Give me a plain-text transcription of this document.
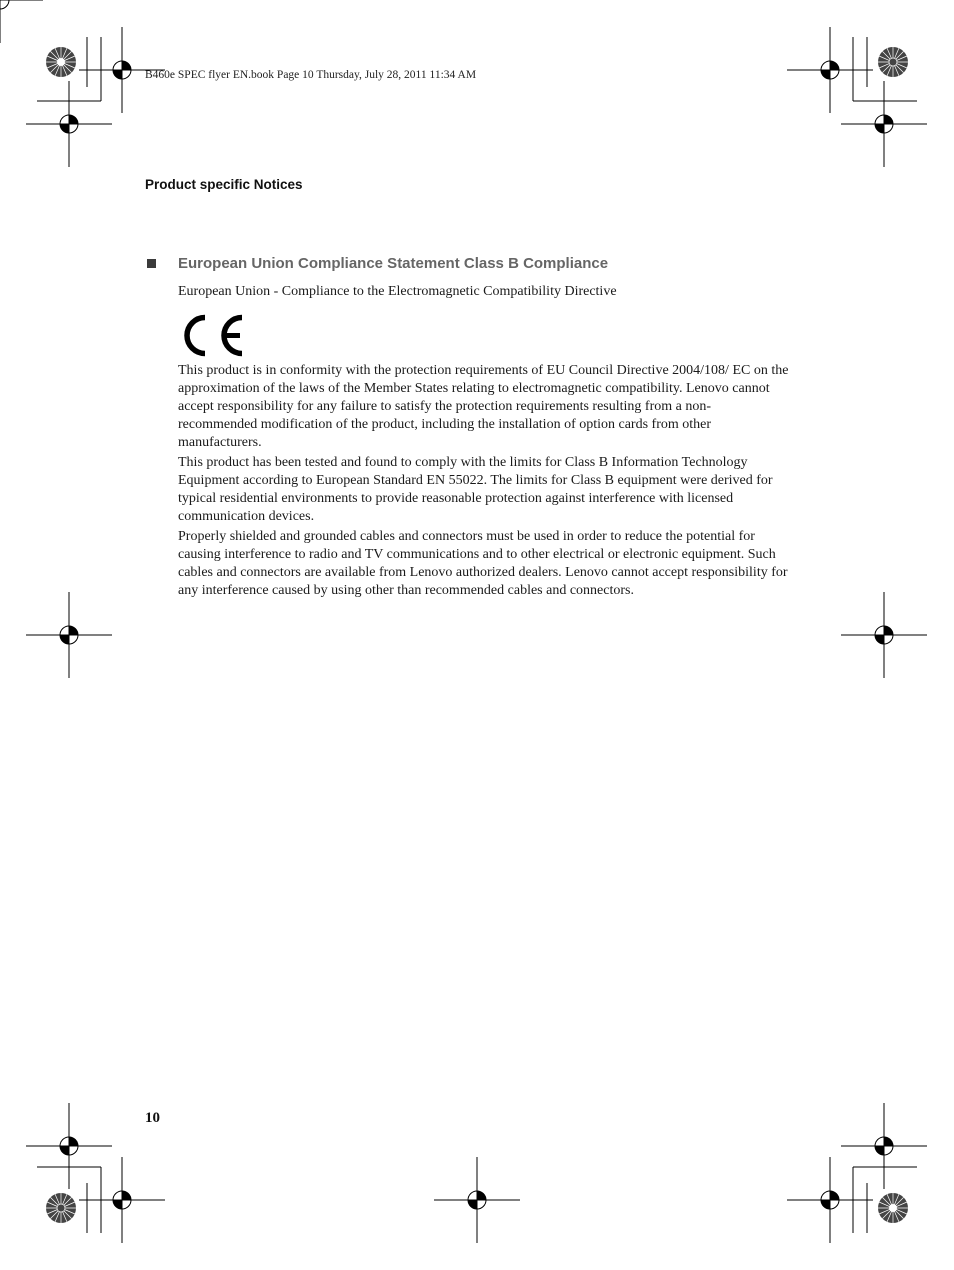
B460e SPEC flyer EN.book Page 10 Thursday, July 28, 2011 11:34 AM
Product specific Notices
European Union Compliance Statement Class B Compliance
European Union - Compliance to the Electromagnetic Compatibility Directive

This product is in conformity with the protection requirements of EU Council Directive 2004/108/ EC on the approximation of the laws of the Member States relating to electromagnetic compatibility. Lenovo cannot accept responsibility for any failure to satisfy the protection requirements resulting from a non-recommended modification of the product, including the installation of option cards from other manufacturers.

This product has been tested and found to comply with the limits for Class B Information Technology Equipment according to European Standard EN 55022. The limits for Class B equipment were derived for typical residential environments to provide reasonable protection against interference with licensed communication devices.

Properly shielded and grounded cables and connectors must be used in order to reduce the potential for causing interference to radio and TV communications and to other electrical or electronic equipment. Such cables and connectors are available from Lenovo authorized dealers. Lenovo cannot accept responsibility for any interference caused by using other than recommended cables and connectors.

10
